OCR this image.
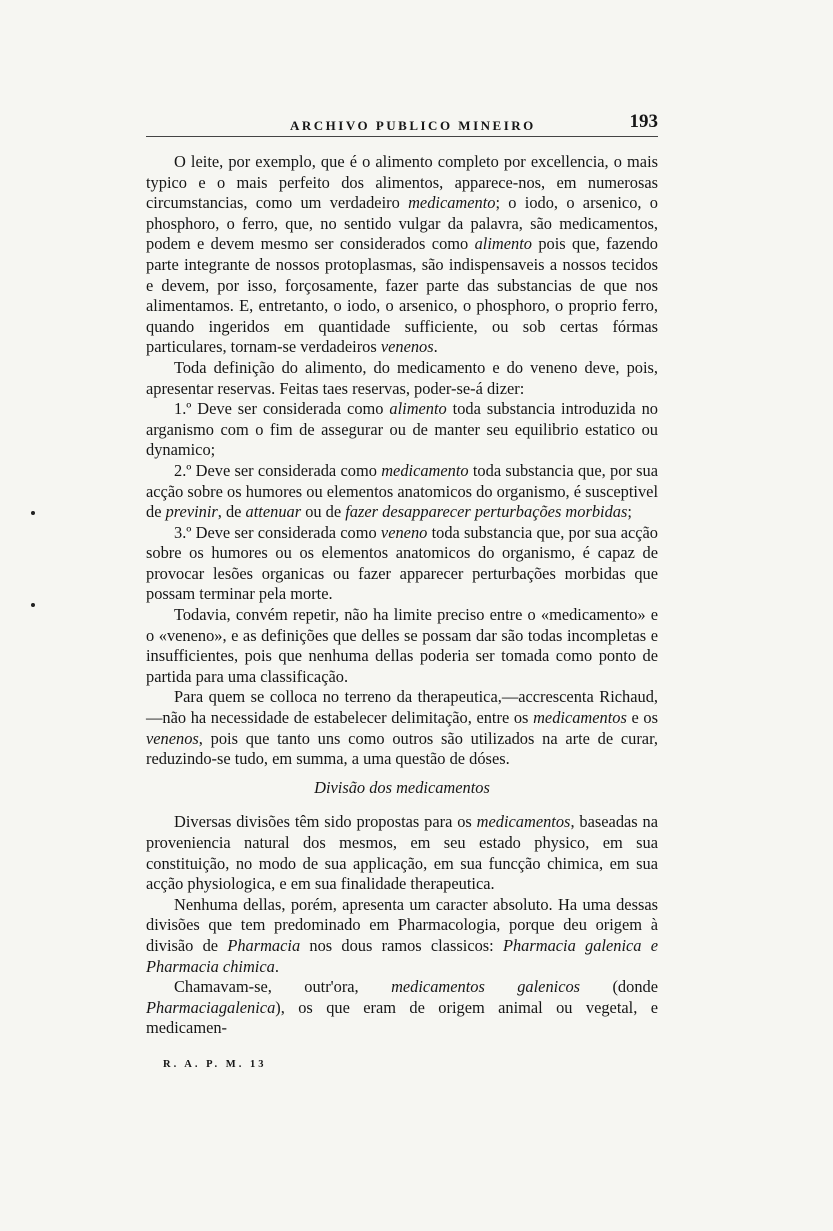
ARCHIVO PUBLICO MINEIRO	193

O leite, por exemplo, que é o alimento completo por excellencia, o mais typico e o mais perfeito dos alimentos, apparece-nos, em numerosas circumstancias, como um verdadeiro medicamento; o iodo, o arsenico, o phosphoro, o ferro, que, no sentido vulgar da palavra, são medicamentos, podem e devem mesmo ser considerados como alimento pois que, fazendo parte integrante de nossos protoplasmas, são indispensaveis a nossos tecidos e devem, por isso, forçosamente, fazer parte das substancias de que nos alimentamos. E, entretanto, o iodo, o arsenico, o phosphoro, o proprio ferro, quando ingeridos em quantidade sufficiente, ou sob certas fórmas particulares, tornam-se verdadeiros venenos.

Toda definição do alimento, do medicamento e do veneno deve, pois, apresentar reservas. Feitas taes reservas, poder-se-á dizer:

1.º Deve ser considerada como alimento toda substancia introduzida no arganismo com o fim de assegurar ou de manter seu equilibrio estatico ou dynamico;

2.º Deve ser considerada como medicamento toda substancia que, por sua acção sobre os humores ou elementos anatomicos do organismo, é susceptivel de previnir, de attenuar ou de fazer desapparecer perturbações morbidas;

3.º Deve ser considerada como veneno toda substancia que, por sua acção sobre os humores ou os elementos anatomicos do organismo, é capaz de provocar lesões organicas ou fazer apparecer perturbações morbidas que possam terminar pela morte.

Todavia, convém repetir, não ha limite preciso entre o «medicamento» e o «veneno», e as definições que delles se possam dar são todas incompletas e insufficientes, pois que nenhuma dellas poderia ser tomada como ponto de partida para uma classificação.

Para quem se colloca no terreno da therapeutica,—accrescenta Richaud,—não ha necessidade de estabelecer delimitação, entre os medicamentos e os venenos, pois que tanto uns como outros são utilizados na arte de curar, reduzindo-se tudo, em summa, a uma questão de dóses.

Divisão dos medicamentos

Diversas divisões têm sido propostas para os medicamentos, baseadas na proveniencia natural dos mesmos, em seu estado physico, em sua constituição, no modo de sua applicação, em sua funcção chimica, em sua acção physiologica, e em sua finalidade therapeutica.

Nenhuma dellas, porém, apresenta um caracter absoluto. Ha uma dessas divisões que tem predominado em Pharmacologia, porque deu origem à divisão de Pharmacia nos dous ramos classicos: Pharmacia galenica e Pharmacia chimica.

Chamavam-se, outr'ora, medicamentos galenicos (donde Pharmaciagalenica), os que eram de origem animal ou vegetal, e medicamen-

R. A. P. M. 13
